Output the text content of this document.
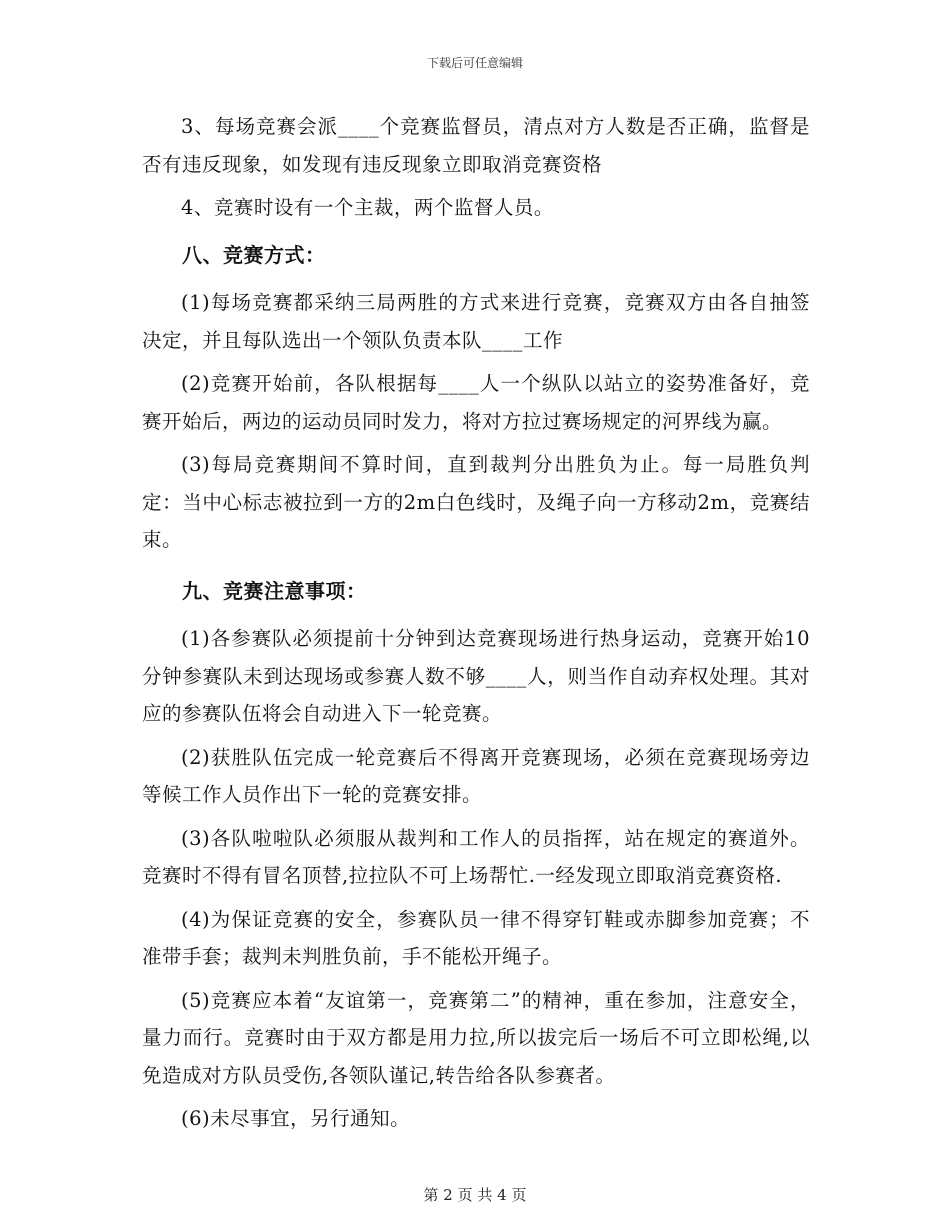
下载后可任意编辑

3、每场竞赛会派____个竞赛监督员，清点对方人数是否正确，监督是否有违反现象，如发现有违反现象立即取消竞赛资格

4、竞赛时设有一个主裁，两个监督人员。

八、竞赛方式：

(1)每场竞赛都采纳三局两胜的方式来进行竞赛，竞赛双方由各自抽签决定，并且每队选出一个领队负责本队____工作

(2)竞赛开始前，各队根据每____人一个纵队以站立的姿势准备好，竞赛开始后，两边的运动员同时发力，将对方拉过赛场规定的河界线为赢。

(3)每局竞赛期间不算时间，直到裁判分出胜负为止。每一局胜负判定：当中心标志被拉到一方的2m白色线时，及绳子向一方移动2m，竞赛结束。

九、竞赛注意事项：

(1)各参赛队必须提前十分钟到达竞赛现场进行热身运动，竞赛开始10分钟参赛队未到达现场或参赛人数不够____人，则当作自动弃权处理。其对应的参赛队伍将会自动进入下一轮竞赛。

(2)获胜队伍完成一轮竞赛后不得离开竞赛现场，必须在竞赛现场旁边等候工作人员作出下一轮的竞赛安排。

(3)各队啦啦队必须服从裁判和工作人的员指挥，站在规定的赛道外。竞赛时不得有冒名顶替,拉拉队不可上场帮忙.一经发现立即取消竞赛资格.

(4)为保证竞赛的安全，参赛队员一律不得穿钉鞋或赤脚参加竞赛；不准带手套；裁判未判胜负前，手不能松开绳子。

(5)竞赛应本着“友谊第一，竞赛第二”的精神，重在参加，注意安全，量力而行。竞赛时由于双方都是用力拉,所以拔完后一场后不可立即松绳,以免造成对方队员受伤,各领队谨记,转告给各队参赛者。

(6)未尽事宜，另行通知。

第 2 页 共 4 页
